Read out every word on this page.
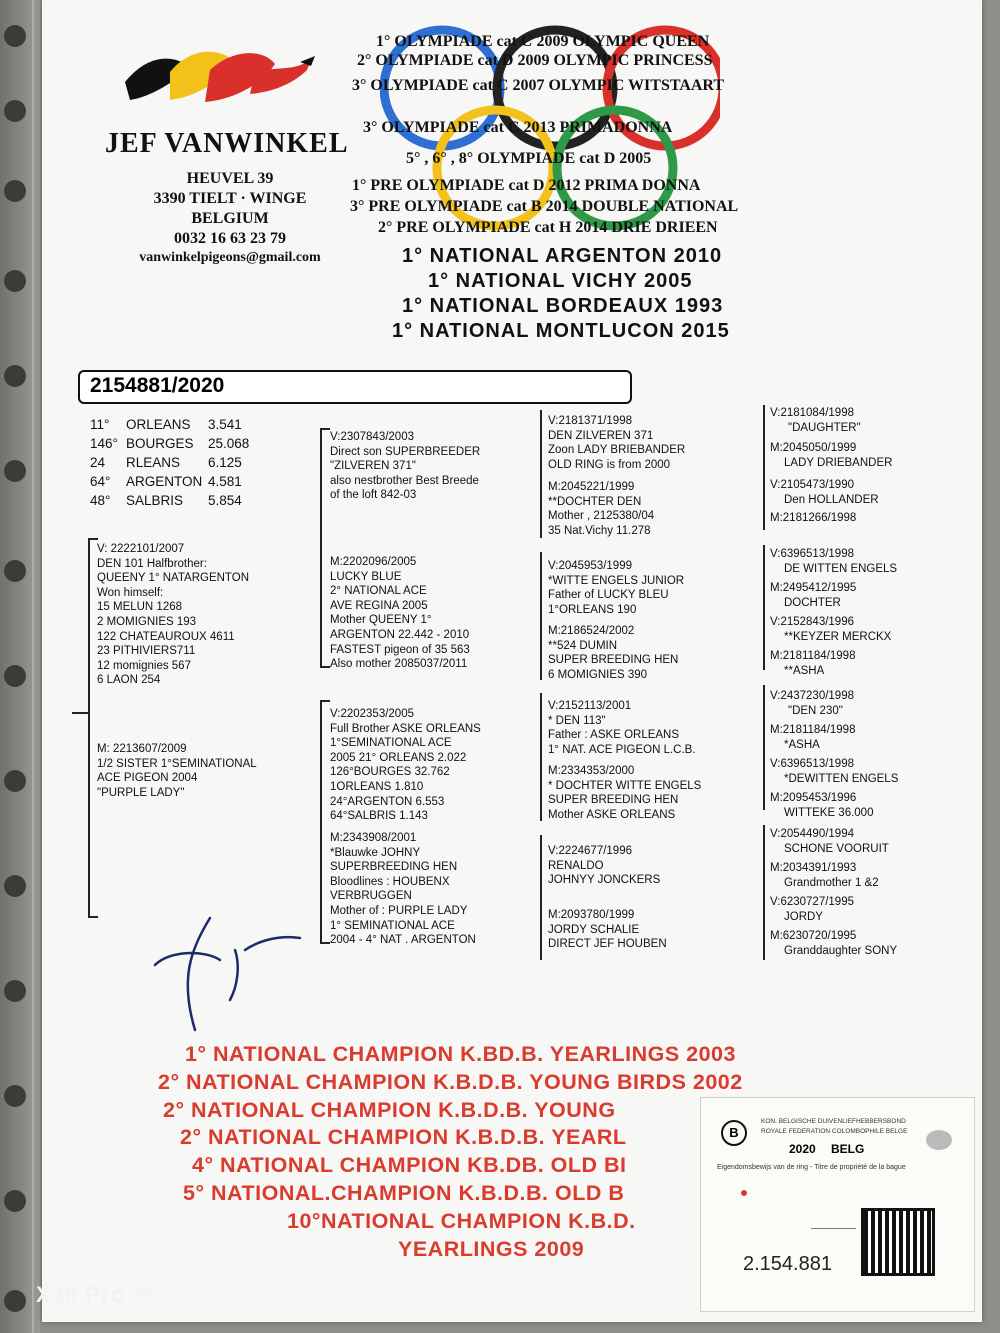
JEF VANWINKEL
HEUVEL 39
3390 TIELT · WINGE
BELGIUM
0032 16 63 23 79
vanwinkelpigeons@gmail.com
1° OLYMPIADE cat C 2009 OLYMPIC QUEEN
2° OLYMPIADE cat D 2009 OLYMPIC PRINCESS
3° OLYMPIADE cat C 2007 OLYMPIC WITSTAART
3° OLYMPIADE cat C 2013 PRIMADONNA
5° , 6° , 8° OLYMPIADE cat D 2005
1° PRE OLYMPIADE cat D 2012 PRIMA DONNA
3° PRE OLYMPIADE cat B 2014 DOUBLE NATIONAL
2° PRE OLYMPIADE cat H 2014 DRIE DRIEEN
1° NATIONAL ARGENTON 2010
1° NATIONAL VICHY 2005
1° NATIONAL BORDEAUX 1993
1° NATIONAL MONTLUCON 2015
2154881/2020
11° ORLEANS 3.541
146° BOURGES 25.068
24 RLEANS 6.125
64° ARGENTON 4.581
48° SALBRIS 5.854
V: 2222101/2007
DEN 101 Halfbrother:
QUEENY 1° NATARGENTON
Won himself:
15 MELUN 1268
2 MOMIGNIES 193
122 CHATEAUROUX 4611
23 PITHIVIERS711
12 momignies 567
6 LAON 254
M: 2213607/2009
1/2 SISTER 1°SEMINATIONAL
ACE PIGEON 2004
"PURPLE LADY"
V:2307843/2003
Direct son SUPERBREEDER
"ZILVEREN 371"
also nestbrother Best Breede
of the loft 842-03
M:2202096/2005
LUCKY BLUE
2° NATIONAL ACE
AVE REGINA 2005
Mother QUEENY 1°
ARGENTON 22.442 - 2010
FASTEST pigeon of 35 563
Also mother 2085037/2011
V:2202353/2005
Full Brother ASKE ORLEANS
1°SEMINATIONAL ACE
2005 21° ORLEANS 2.022
126°BOURGES 32.762
1ORLEANS 1.810
24°ARGENTON 6.553
64°SALBRIS 1.143
M:2343908/2001
*Blauwke JOHNY
SUPERBREEDING HEN
Bloodlines : HOUBENX
VERBRUGGEN
Mother of : PURPLE LADY
1° SEMINATIONAL ACE
2004 - 4° NAT . ARGENTON
V:2181371/1998
DEN ZILVEREN 371
Zoon LADY BRIEBANDER
OLD RING is from 2000
M:2045221/1999
**DOCHTER DEN
Mother , 2125380/04
35 Nat.Vichy 11.278
V:2045953/1999
*WITTE ENGELS JUNIOR
Father of LUCKY BLEU
1°ORLEANS 190
M:2186524/2002
**524 DUMIN
SUPER BREEDING HEN
6 MOMIGNIES 390
V:2152113/2001
* DEN 113"
Father : ASKE ORLEANS
1° NAT. ACE PIGEON L.C.B.
M:2334353/2000
* DOCHTER WITTE ENGELS
SUPER BREEDING HEN
Mother ASKE ORLEANS
V:2224677/1996
RENALDO
JOHNYY JONCKERS
M:2093780/1999
JORDY SCHALIE
DIRECT JEF HOUBEN
V:2181084/1998
"DAUGHTER"
M:2045050/1999
LADY DRIEBANDER
V:2105473/1990
Den HOLLANDER
M:2181266/1998
V:6396513/1998
DE WITTEN ENGELS
M:2495412/1995
DOCHTER
V:2152843/1996
**KEYZER MERCKX
M:2181184/1998
**ASHA
V:2437230/1998
"DEN 230"
M:2181184/1998
*ASHA
V:6396513/1998
*DEWITTEN ENGELS
M:2095453/1996
WITTEKE 36.000
V:2054490/1994
SCHONE VOORUIT
M:2034391/1993
Grandmother 1 &2
V:6230727/1995
JORDY
M:6230720/1995
Granddaughter SONY
1° NATIONAL CHAMPION K.BD.B. YEARLINGS 2003
2° NATIONAL CHAMPION K.B.D.B. YOUNG BIRDS 2002
2° NATIONAL CHAMPION K.B.D.B. YOUNG
2° NATIONAL CHAMPION K.B.D.B. YEARL
4° NATIONAL CHAMPION KB.DB. OLD BI
5° NATIONAL.CHAMPION K.B.D.B. OLD B
10°NATIONAL CHAMPION K.B.D.
YEARLINGS 2009
B
KON. BELGISCHE DUIVENLIEFHEBBERSBOND
ROYALE FEDERATION COLOMBOPHILE BELGE
2020 BELG
Eigendomsbewijs van de ring - Titre de propriété de la bague
2.154.881
X30 Pro 5G
